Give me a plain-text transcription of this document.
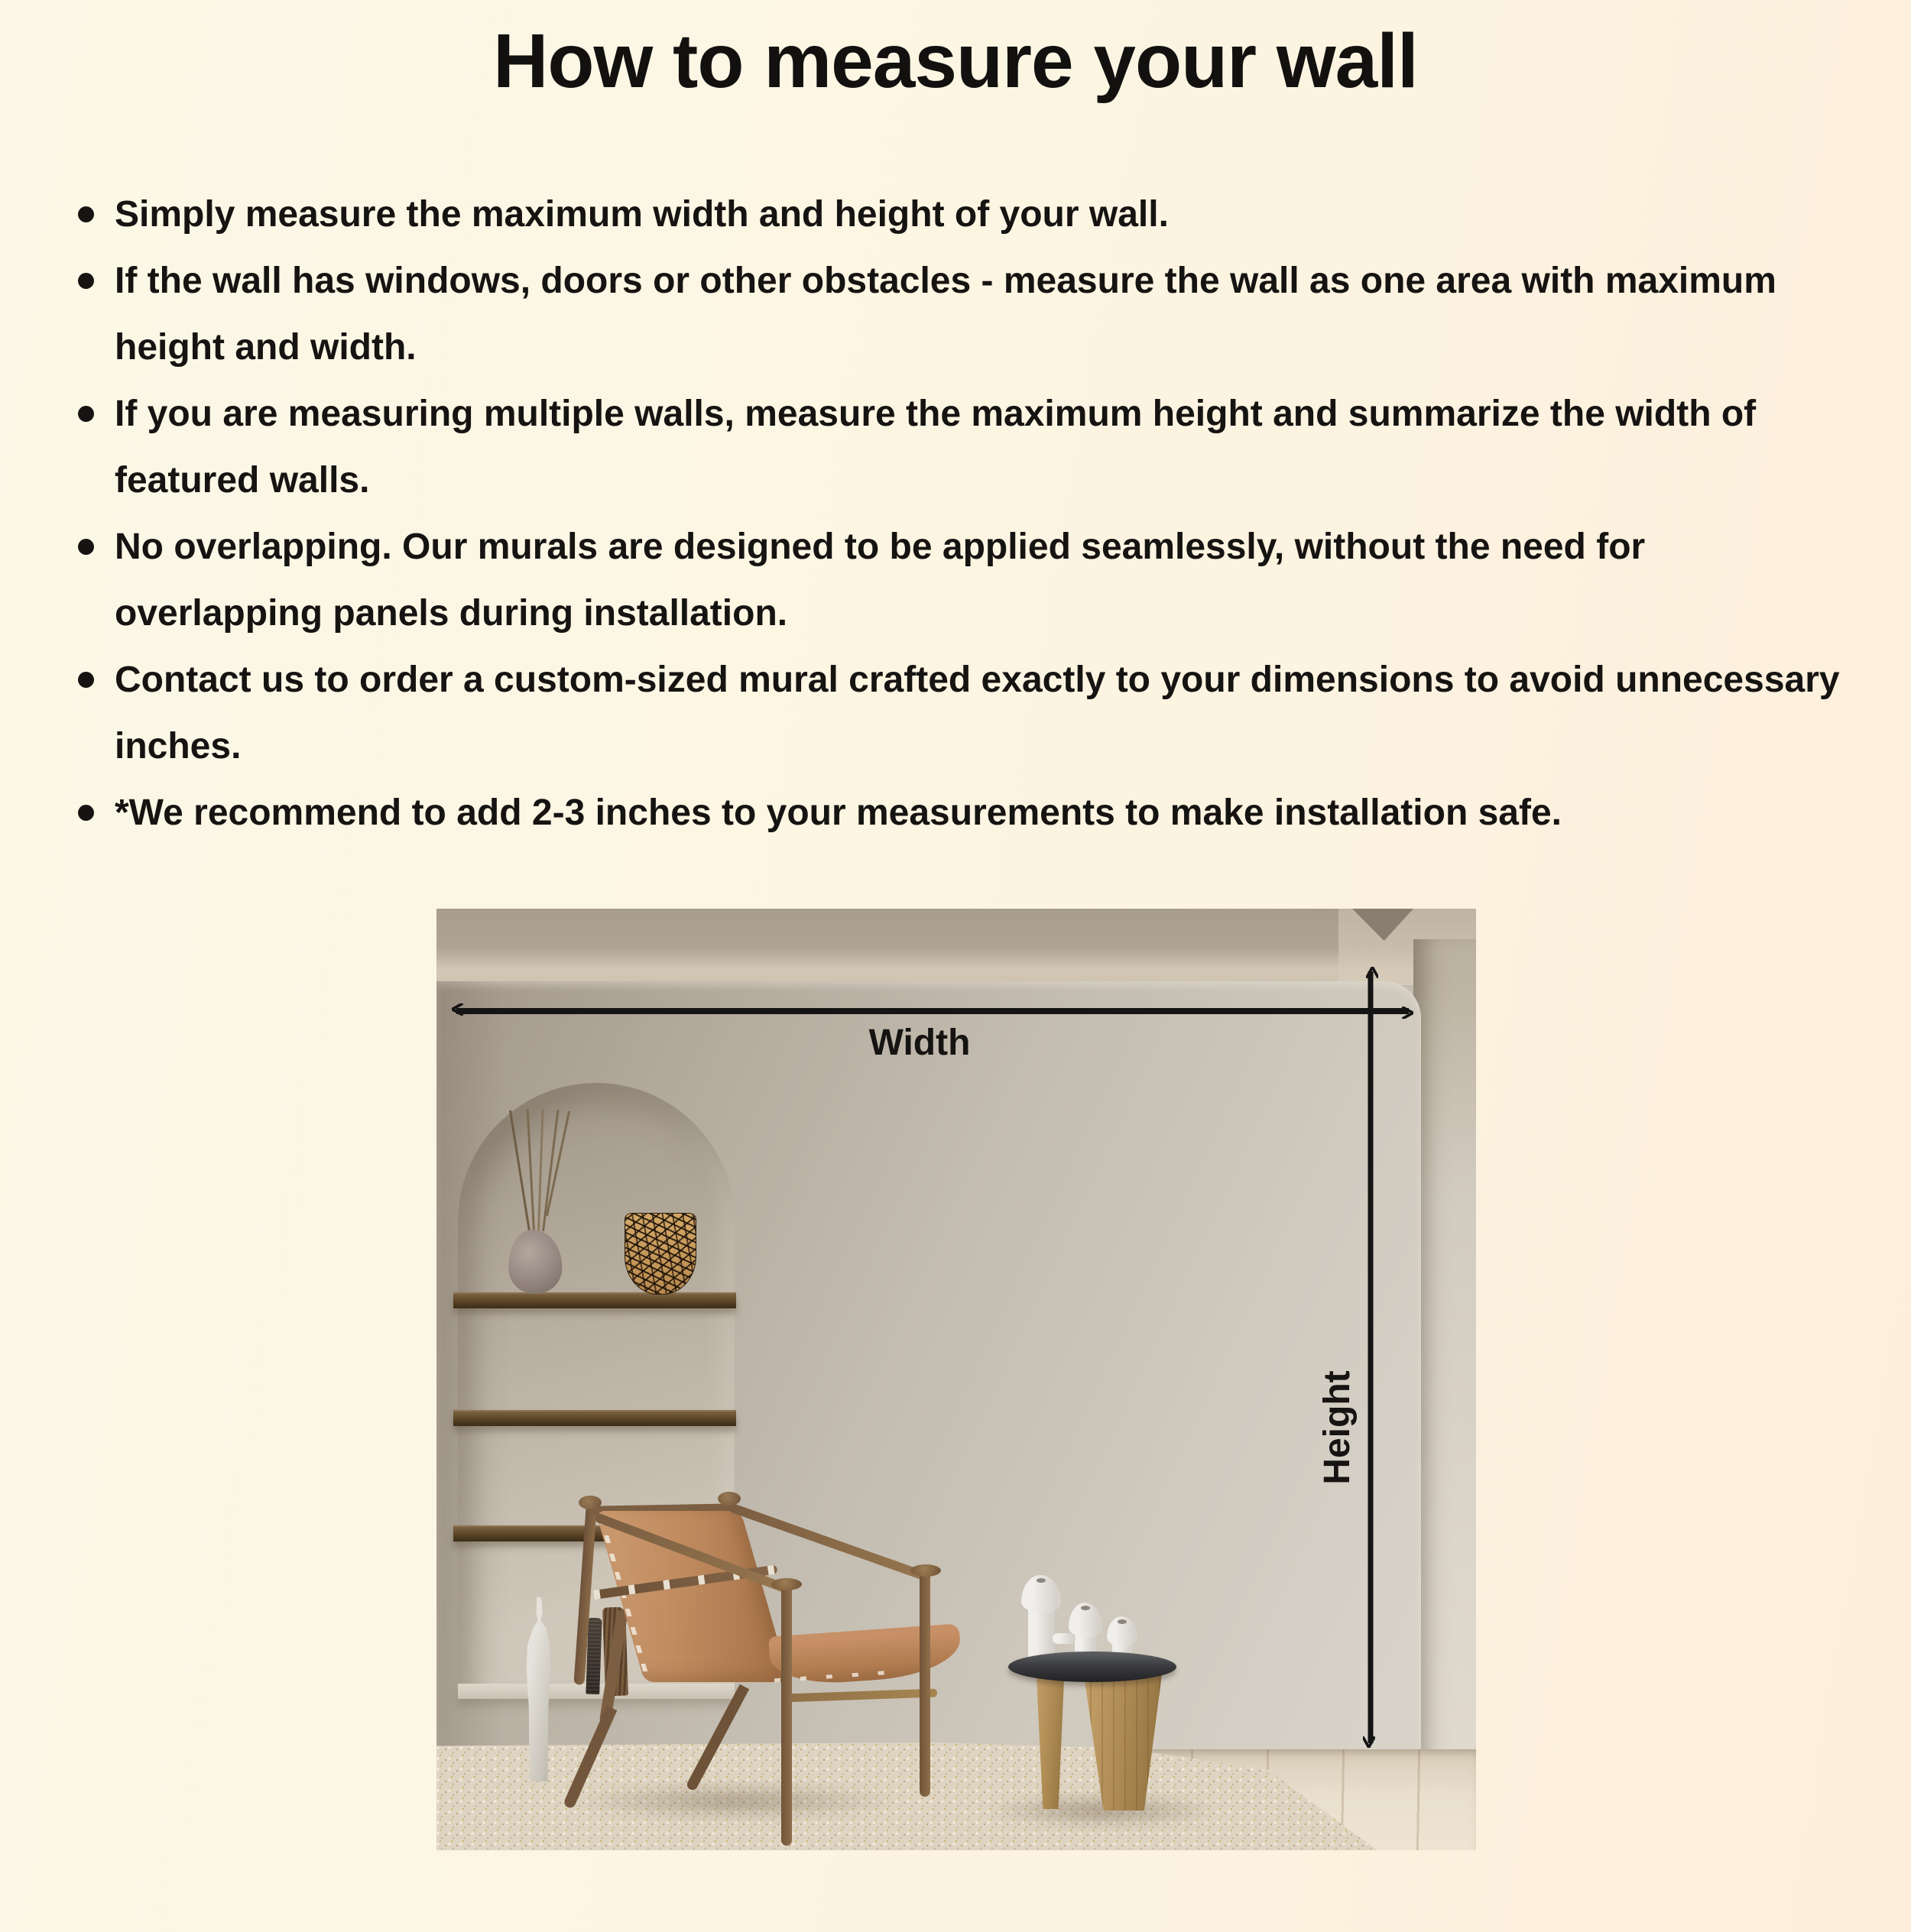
How to measure your wall
Simply measure the maximum width and height of your wall.
If the wall has windows, doors or other obstacles - measure the wall as one area with maximum height and width.
If you are measuring multiple walls, measure the maximum height and summarize the width of featured walls.
No overlapping. Our murals are designed to be applied seamlessly, without the need for overlapping panels during installation.
Contact us to order a custom-sized mural crafted exactly to your dimensions to avoid unnecessary inches.
*We recommend to add 2-3 inches to your measurements to make installation safe.
Width
Height
